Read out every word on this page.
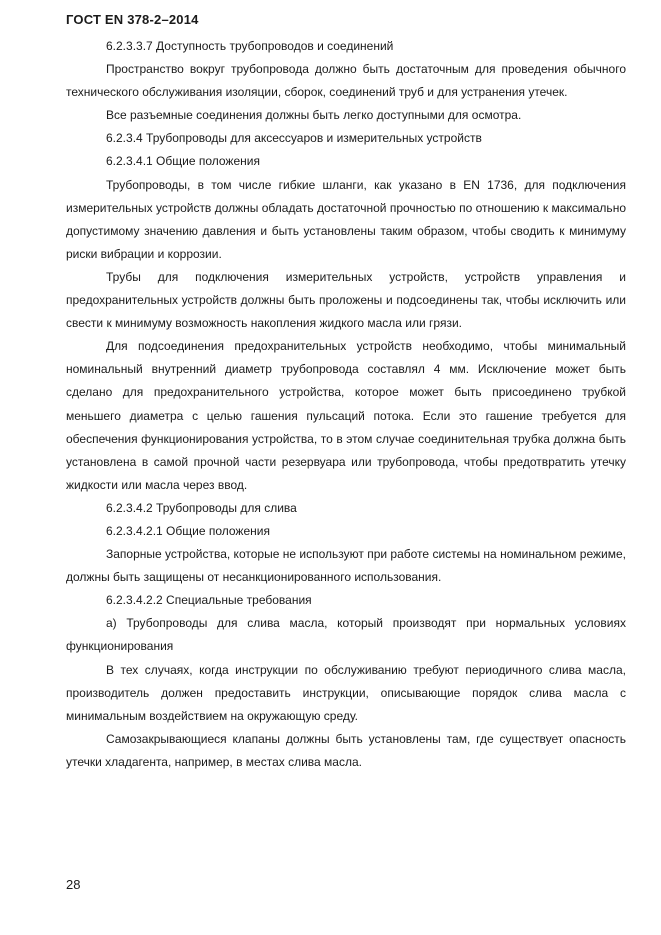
ГОСТ EN 378-2–2014

6.2.3.3.7 Доступность трубопроводов и соединений

Пространство вокруг трубопровода должно быть достаточным для проведения обычного технического обслуживания изоляции, сборок, соединений труб и для устранения утечек.

Все разъемные соединения должны быть легко доступными для осмотра.

6.2.3.4 Трубопроводы для аксессуаров и измерительных устройств

6.2.3.4.1 Общие положения

Трубопроводы, в том числе гибкие шланги, как указано в EN 1736, для подключения измерительных устройств должны обладать достаточной прочностью по отношению к максимально допустимому значению давления и быть установлены таким образом, чтобы сводить к минимуму риски вибрации и коррозии.

Трубы для подключения измерительных устройств, устройств управления и предохранительных устройств должны быть проложены и подсоединены так, чтобы исключить или свести к минимуму возможность накопления жидкого масла или грязи.

Для подсоединения предохранительных устройств необходимо, чтобы минимальный номинальный внутренний диаметр трубопровода составлял 4 мм. Исключение может быть сделано для предохранительного устройства, которое может быть присоединено трубкой меньшего диаметра с целью гашения пульсаций потока. Если это гашение требуется для обеспечения функционирования устройства, то в этом случае соединительная трубка должна быть установлена в самой прочной части резервуара или трубопровода, чтобы предотвратить утечку жидкости или масла через ввод.

6.2.3.4.2 Трубопроводы для слива

6.2.3.4.2.1 Общие положения

Запорные устройства, которые не используют при работе системы на номинальном режиме, должны быть защищены от несанкционированного использования.

6.2.3.4.2.2 Специальные требования

а) Трубопроводы для слива масла, который производят при нормальных условиях функционирования

В тех случаях, когда инструкции по обслуживанию требуют периодичного слива масла, производитель должен предоставить инструкции, описывающие порядок слива масла с минимальным воздействием на окружающую среду.

Самозакрывающиеся клапаны должны быть установлены там, где существует опасность утечки хладагента, например, в местах слива масла.

28
